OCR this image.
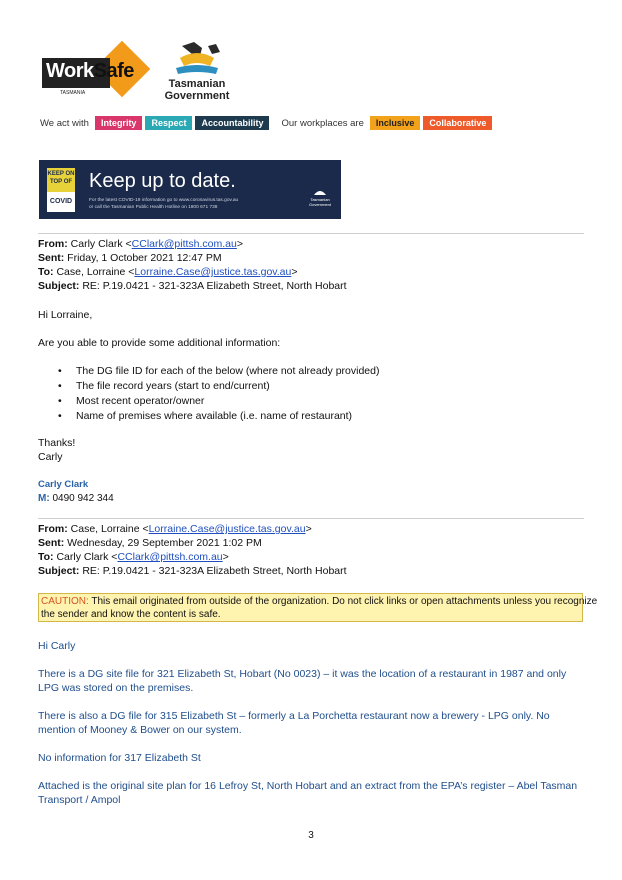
WorkSafe
TASMANIA
Tasmanian
Government
We act with	Integrity	Respect	Accountability	Our workplaces are	Inclusive	Collaborative
KEEP ON TOP OF
COVID
Keep up to date.
For the latest COVID-19 information go to www.coronavirus.tas.gov.au
or call the Tasmanian Public Health Hotline on 1800 671 738
Tasmanian Government
From: Carly Clark <CClark@pittsh.com.au>
Sent: Friday, 1 October 2021 12:47 PM
To: Case, Lorraine <Lorraine.Case@justice.tas.gov.au>
Subject: RE: P.19.0421 - 321-323A Elizabeth Street, North Hobart
Hi Lorraine,
Are you able to provide some additional information:
• The DG file ID for each of the below (where not already provided)
• The file record years (start to end/current)
• Most recent operator/owner
• Name of premises where available (i.e. name of restaurant)
Thanks!
Carly
Carly Clark
M: 0490 942 344
From: Case, Lorraine <Lorraine.Case@justice.tas.gov.au>
Sent: Wednesday, 29 September 2021 1:02 PM
To: Carly Clark <CClark@pittsh.com.au>
Subject: RE: P.19.0421 - 321-323A Elizabeth Street, North Hobart
CAUTION: This email originated from outside of the organization. Do not click links or open attachments unless you recognize
the sender and know the content is safe.
Hi Carly
There is a DG site file for 321 Elizabeth St, Hobart (No 0023) – it was the location of a restaurant in 1987 and only
LPG was stored on the premises.
There is also a DG file for 315 Elizabeth St – formerly a La Porchetta restaurant now a brewery - LPG only. No
mention of Mooney & Bower on our system.
No information for 317 Elizabeth St
Attached is the original site plan for 16 Lefroy St, North Hobart and an extract from the EPA’s register – Abel Tasman
Transport / Ampol
3
